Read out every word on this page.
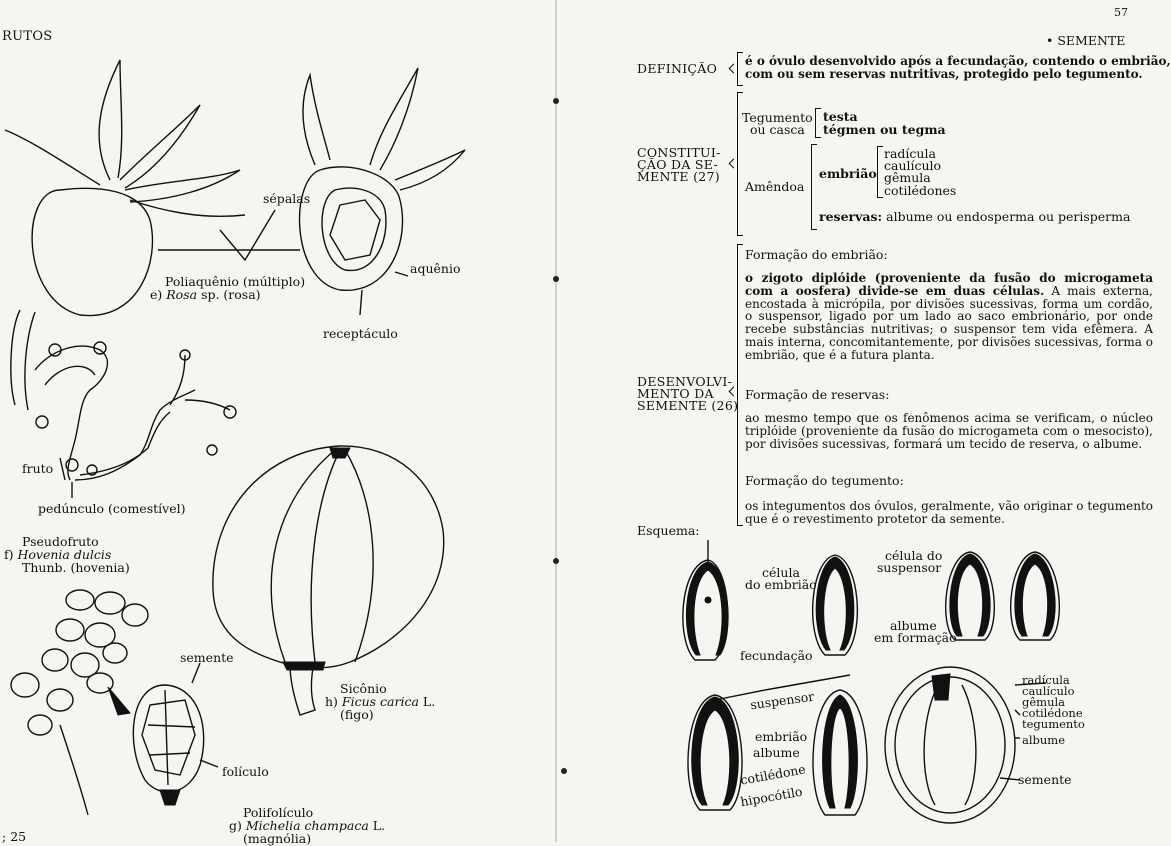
RUTOS
sépalas
aquênio
receptáculo
Poliaquênio (múltiplo)
e) Rosa sp. (rosa)
fruto
pedúnculo (comestível)
Pseudofruto
f) Hovenia dulcis
Thunb. (hovenia)
Sicônio
h) Ficus carica L.
(figo)
semente
folículo
Polifolículo
g) Michelia champaca L.
(magnólia)
; 25
57
• SEMENTE
DEFINIÇÃO é o óvulo desenvolvido após a fecundação, contendo o embrião,
com ou sem reservas nutritivas, protegido pelo tegumento.
CONSTITUI-
ÇÃO DA SE-
MENTE (27)
Tegumento
ou casca
testa
tégmen ou tegma
Amêndoa
embrião
radícula
caulículo
gêmula
cotilédones
reservas: albume ou endosperma ou perisperma
DESENVOLVI-
MENTO DA
SEMENTE (26)
Formação do embrião:
o zigoto diplóide (proveniente da fusão do microgameta com a oosfera) divide-se em duas células. A mais externa, encostada à micrópila, por divisões sucessivas, forma um cordão, o suspensor, ligado por um lado ao saco embrionário, por onde recebe substâncias nutritivas; o suspensor tem vida efêmera. A mais interna, concomitantemente, por divisões sucessivas, forma o embrião, que é a futura planta.
Formação de reservas:
ao mesmo tempo que os fenômenos acima se verificam, o núcleo triplóide (proveniente da fusão do microgameta com o mesocisto), por divisões sucessivas, formará um tecido de reserva, o albume.
Formação do tegumento:
os integumentos dos óvulos, geralmente, vão originar o tegumento que é o revestimento protetor da semente.
Esquema:
célula
do embrião
célula do
suspensor
albume
em formação
fecundação
suspensor
embrião
albume
cotilédone
hipocótilo
radícula
caulículo
gêmula
cotilédone
tegumento
albume
semente
